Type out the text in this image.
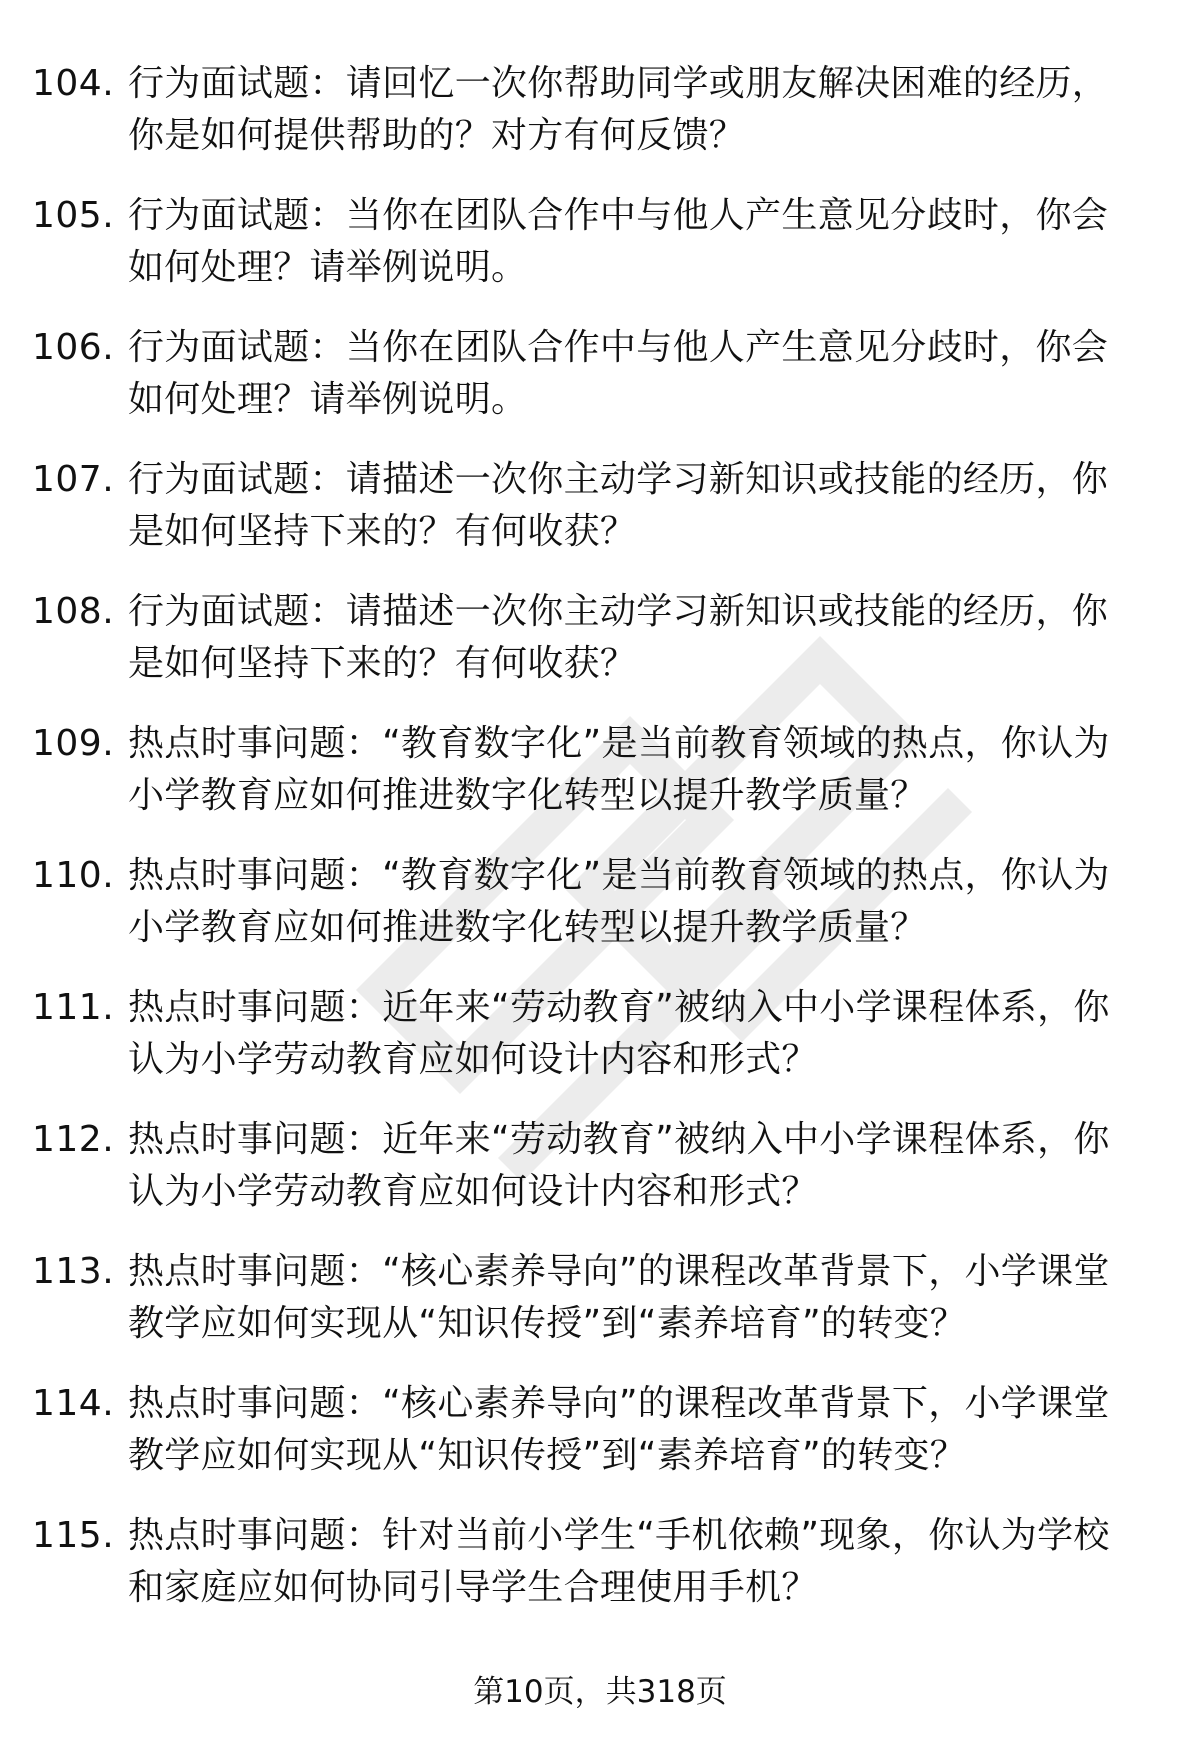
104. 行为面试题：请回忆一次你帮助同学或朋友解决困难的经历，你是如何提供帮助的？对方有何反馈？
105. 行为面试题：当你在团队合作中与他人产生意见分歧时，你会如何处理？请举例说明。
106. 行为面试题：当你在团队合作中与他人产生意见分歧时，你会如何处理？请举例说明。
107. 行为面试题：请描述一次你主动学习新知识或技能的经历，你是如何坚持下来的？有何收获？
108. 行为面试题：请描述一次你主动学习新知识或技能的经历，你是如何坚持下来的？有何收获？
109. 热点时事问题：“教育数字化”是当前教育领域的热点，你认为小学教育应如何推进数字化转型以提升教学质量？
110. 热点时事问题：“教育数字化”是当前教育领域的热点，你认为小学教育应如何推进数字化转型以提升教学质量？
111. 热点时事问题：近年来“劳动教育”被纳入中小学课程体系，你认为小学劳动教育应如何设计内容和形式？
112. 热点时事问题：近年来“劳动教育”被纳入中小学课程体系，你认为小学劳动教育应如何设计内容和形式？
113. 热点时事问题：“核心素养导向”的课程改革背景下，小学课堂教学应如何实现从“知识传授”到“素养培育”的转变？
114. 热点时事问题：“核心素养导向”的课程改革背景下，小学课堂教学应如何实现从“知识传授”到“素养培育”的转变？
115. 热点时事问题：针对当前小学生“手机依赖”现象，你认为学校和家庭应如何协同引导学生合理使用手机？
第10页，共318页
